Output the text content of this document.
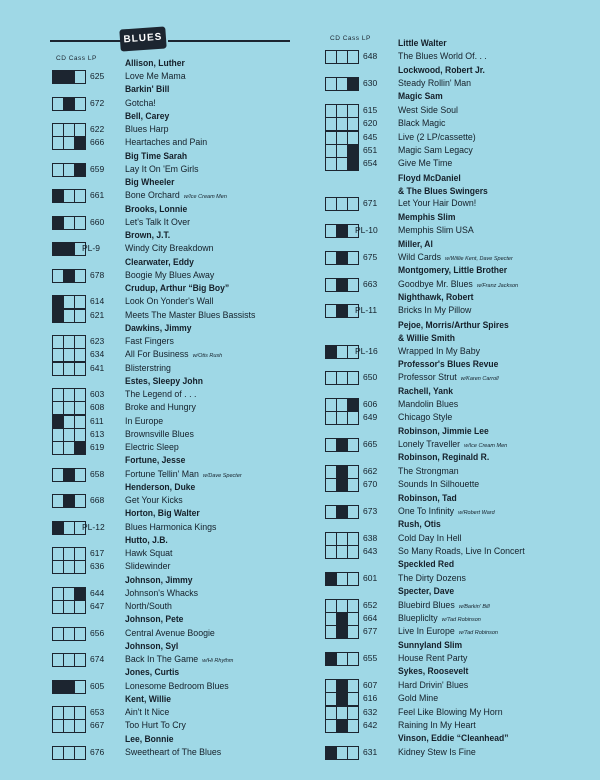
BLUES
CD Cass LP
CD Cass LP
Allison, Luther
625 Love Me Mama
Barkin' Bill
672 Gotcha!
Bell, Carey
622 Blues Harp
666 Heartaches and Pain
Big Time Sarah
659 Lay It On 'Em Girls
Big Wheeler
661 Bone Orchard w/Ice Cream Men
Brooks, Lonnie
660 Let's Talk It Over
Brown, J.T.
PL-9	Windy City Breakdown
Clearwater, Eddy
678 Boogie My Blues Away
Crudup, Arthur “Big Boy”
614 Look On Yonder's Wall
621 Meets The Master Blues Bassists
Dawkins, Jimmy
623 Fast Fingers
634 All For Business w/Otis Rush
641 Blisterstring
Estes, Sleepy John
603 The Legend of . . .
608 Broke and Hungry
611 In Europe
613 Brownsville Blues
619 Electric Sleep
Fortune, Jesse
658 Fortune Tellin' Man w/Dave Specter
Henderson, Duke
668 Get Your Kicks
Horton, Big Walter
PL-12 Blues Harmonica Kings
Hutto, J.B.
617 Hawk Squat
636 Slidewinder
Johnson, Jimmy
644 Johnson's Whacks
647 North/South
Johnson, Pete
656 Central Avenue Boogie
Johnson, Syl
674 Back In The Game w/Hi Rhythm
Jones, Curtis
605 Lonesome Bedroom Blues
Kent, Willie
653 Ain't It Nice
667 Too Hurt To Cry
Lee, Bonnie
676 Sweetheart of The Blues
Little Walter
648 The Blues World Of. . .
Lockwood, Robert Jr.
630 Steady Rollin' Man
Magic Sam
615 West Side Soul
620 Black Magic
645 Live (2 LP/cassette)
651 Magic Sam Legacy
654 Give Me Time
Floyd McDaniel
& The Blues Swingers
671 Let Your Hair Down!
Memphis Slim
PL-10 Memphis Slim USA
Miller, Al
675 Wild Cards w/Willie Kent, Dave Specter
Montgomery, Little Brother
663 Goodbye Mr. Blues w/Franz Jackson
Nighthawk, Robert
PL-11 Bricks In My Pillow
Pejoe, Morris/Arthur Spires
& Willie Smith
PL-16 Wrapped In My Baby
Professor's Blues Revue
650 Professor Strut w/Karen Carroll
Rachell, Yank
606 Mandolin Blues
649 Chicago Style
Robinson, Jimmie Lee
665 Lonely Traveller w/Ice Cream Men
Robinson, Reginald R.
662 The Strongman
670 Sounds In Silhouette
Robinson, Tad
673 One To Infinity w/Robert Ward
Rush, Otis
638 Cold Day In Hell
643 So Many Roads, Live In Concert
Speckled Red
601 The Dirty Dozens
Specter, Dave
652 Bluebird Blues w/Barkin' Bill
664 Bluepliclty w/Tad Robinson
677 Live In Europe w/Tad Robinson
Sunnyland Slim
655 House Rent Party
Sykes, Roosevelt
607 Hard Drivin' Blues
616 Gold Mine
632 Feel Like Blowing My Horn
642 Raining In My Heart
Vinson, Eddie “Cleanhead”
631 Kidney Stew Is Fine
